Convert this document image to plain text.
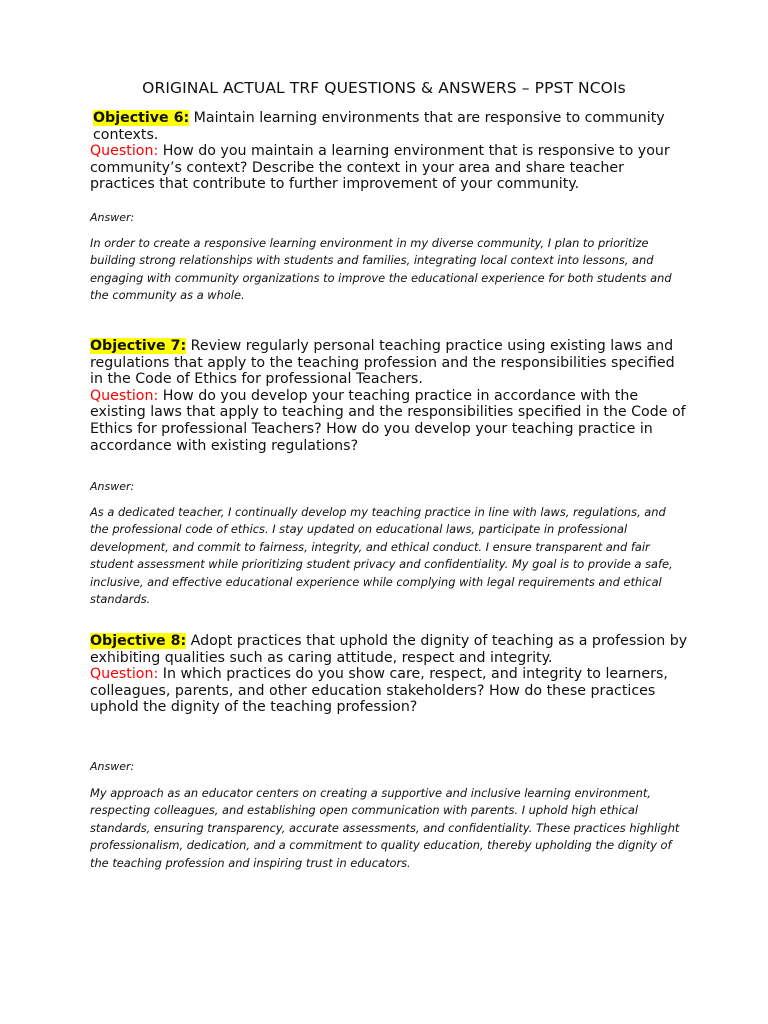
ORIGINAL ACTUAL TRF QUESTIONS & ANSWERS – PPST NCOIs
Objective 6: Maintain learning environments that are responsive to community contexts.
Question: How do you maintain a learning environment that is responsive to your community’s context? Describe the context in your area and share teacher practices that contribute to further improvement of your community.
Answer:
In order to create a responsive learning environment in my diverse community, I plan to prioritize building strong relationships with students and families, integrating local context into lessons, and engaging with community organizations to improve the educational experience for both students and the community as a whole.
Objective 7: Review regularly personal teaching practice using existing laws and regulations that apply to the teaching profession and the responsibilities specified in the Code of Ethics for professional Teachers.
Question: How do you develop your teaching practice in accordance with the existing laws that apply to teaching and the responsibilities specified in the Code of Ethics for professional Teachers? How do you develop your teaching practice in accordance with existing regulations?
Answer:
As a dedicated teacher, I continually develop my teaching practice in line with laws, regulations, and the professional code of ethics. I stay updated on educational laws, participate in professional development, and commit to fairness, integrity, and ethical conduct. I ensure transparent and fair student assessment while prioritizing student privacy and confidentiality. My goal is to provide a safe, inclusive, and effective educational experience while complying with legal requirements and ethical standards.
Objective 8: Adopt practices that uphold the dignity of teaching as a profession by exhibiting qualities such as caring attitude, respect and integrity.
Question: In which practices do you show care, respect, and integrity to learners, colleagues, parents, and other education stakeholders? How do these practices uphold the dignity of the teaching profession?
Answer:
My approach as an educator centers on creating a supportive and inclusive learning environment, respecting colleagues, and establishing open communication with parents. I uphold high ethical standards, ensuring transparency, accurate assessments, and confidentiality. These practices highlight professionalism, dedication, and a commitment to quality education, thereby upholding the dignity of the teaching profession and inspiring trust in educators.
